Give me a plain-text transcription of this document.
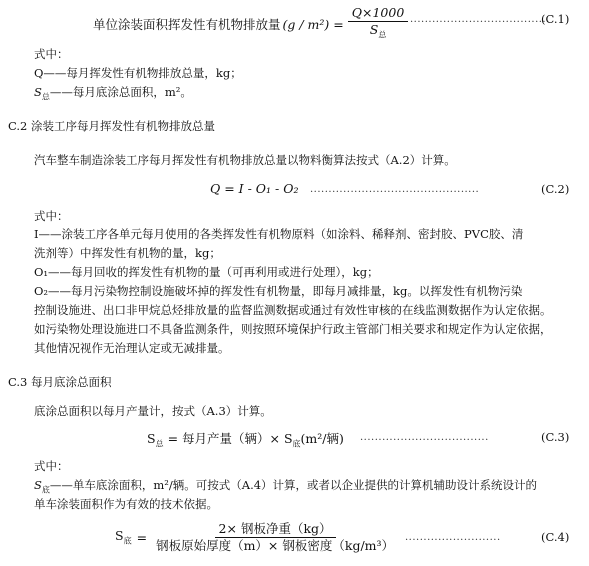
单位涂装面积挥发性有机物排放量 $(g / m^2) = \frac{Q\times 1000}{S_总}$ ......................................
(C.1)
式中：
Q——每月挥发性有机物排放总量，kg；
$S_总——$每月底涂总面积，m²。
C.2 涂装工序每月挥发性有机物排放总量
汽车整车制造涂装工序每月挥发性有机物排放总量以物料衡算法按式（A.2）计算。
Q = I - O₁ - O₂ ..............................................	(C.2)
式中：
I——涂装工序各单元每月使用的各类挥发性有机物原料（如涂料、稀释剂、密封胶、PVC胶、清
洗剂等）中挥发性有机物的量，kg；
O₁——每月回收的挥发性有机物的量（可再利用或进行处理），kg；
O₂——每月污染物控制设施破坏掉的挥发性有机物量，即每月减排量，kg。以挥发性有机物污染
控制设施进、出口非甲烷总烃排放量的监督监测数据或通过有效性审核的在线监测数据作为认定依据。
如污染物处理设施进口不具备监测条件，则按照环境保护行政主管部门相关要求和规定作为认定依据，
其他情况视作无治理认定或无减排量。
C.3 每月底涂总面积
底涂总面积以每月产量计，按式（A.3）计算。
$S_总$ = 每月产量（辆）× $S_底(m^2/$辆) ...................................	(C.3)
式中：
$S_底——$单车底涂面积，m²/辆。可按式（A.4）计算，或者以企业提供的计算机辅助设计系统设计的
单车涂装面积作为有效的技术依据。
$S_底 = \frac{\text{2× 钢板净重（kg）}}{\text{钢板原始厚度（m）× 钢板密度（kg/m³）}}$ ..........................	(C.4)
